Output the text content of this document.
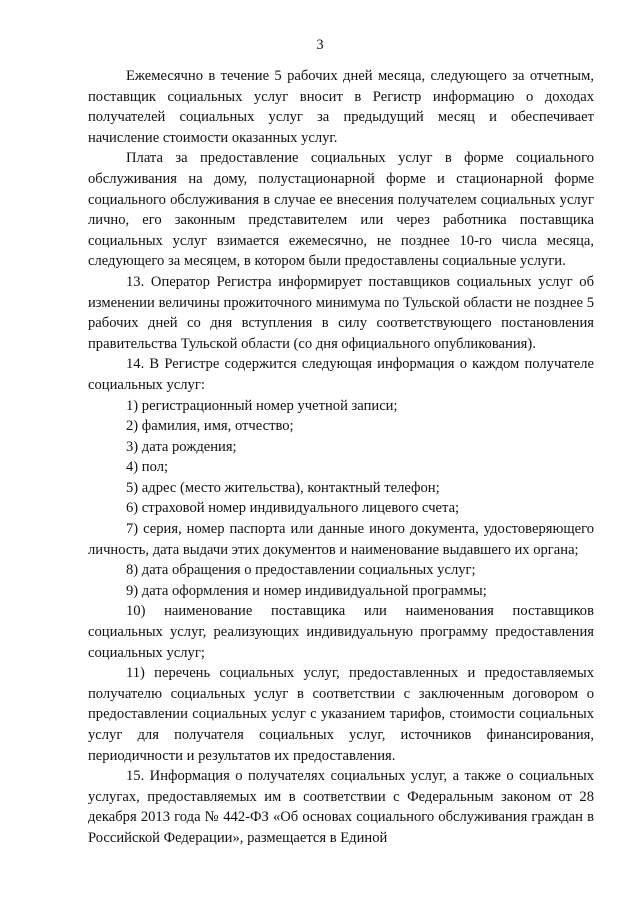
3

Ежемесячно в течение 5 рабочих дней месяца, следующего за отчетным, поставщик социальных услуг вносит в Регистр информацию о доходах получателей социальных услуг за предыдущий месяц и обеспечивает начисление стоимости оказанных услуг.

Плата за предоставление социальных услуг в форме социального обслуживания на дому, полустационарной форме и стационарной форме социального обслуживания в случае ее внесения получателем социальных услуг лично, его законным представителем или через работника поставщика социальных услуг взимается ежемесячно, не позднее 10-го числа месяца, следующего за месяцем, в котором были предоставлены социальные услуги.

13. Оператор Регистра информирует поставщиков социальных услуг об изменении величины прожиточного минимума по Тульской области не позднее 5 рабочих дней со дня вступления в силу соответствующего постановления правительства Тульской области (со дня официального опубликования).

14. В Регистре содержится следующая информация о каждом получателе социальных услуг:

1) регистрационный номер учетной записи;

2) фамилия, имя, отчество;

3) дата рождения;

4) пол;

5) адрес (место жительства), контактный телефон;

6) страховой номер индивидуального лицевого счета;

7) серия, номер паспорта или данные иного документа, удостоверяющего личность, дата выдачи этих документов и наименование выдавшего их органа;

8) дата обращения о предоставлении социальных услуг;

9) дата оформления и номер индивидуальной программы;

10) наименование поставщика или наименования поставщиков социальных услуг, реализующих индивидуальную программу предоставления социальных услуг;

11) перечень социальных услуг, предоставленных и предоставляемых получателю социальных услуг в соответствии с заключенным договором о предоставлении социальных услуг с указанием тарифов, стоимости социальных услуг для получателя социальных услуг, источников финансирования, периодичности и результатов их предоставления.

15. Информация о получателях социальных услуг, а также о социальных услугах, предоставляемых им в соответствии с Федеральным законом от 28 декабря 2013 года № 442-ФЗ «Об основах социального обслуживания граждан в Российской Федерации», размещается в Единой
